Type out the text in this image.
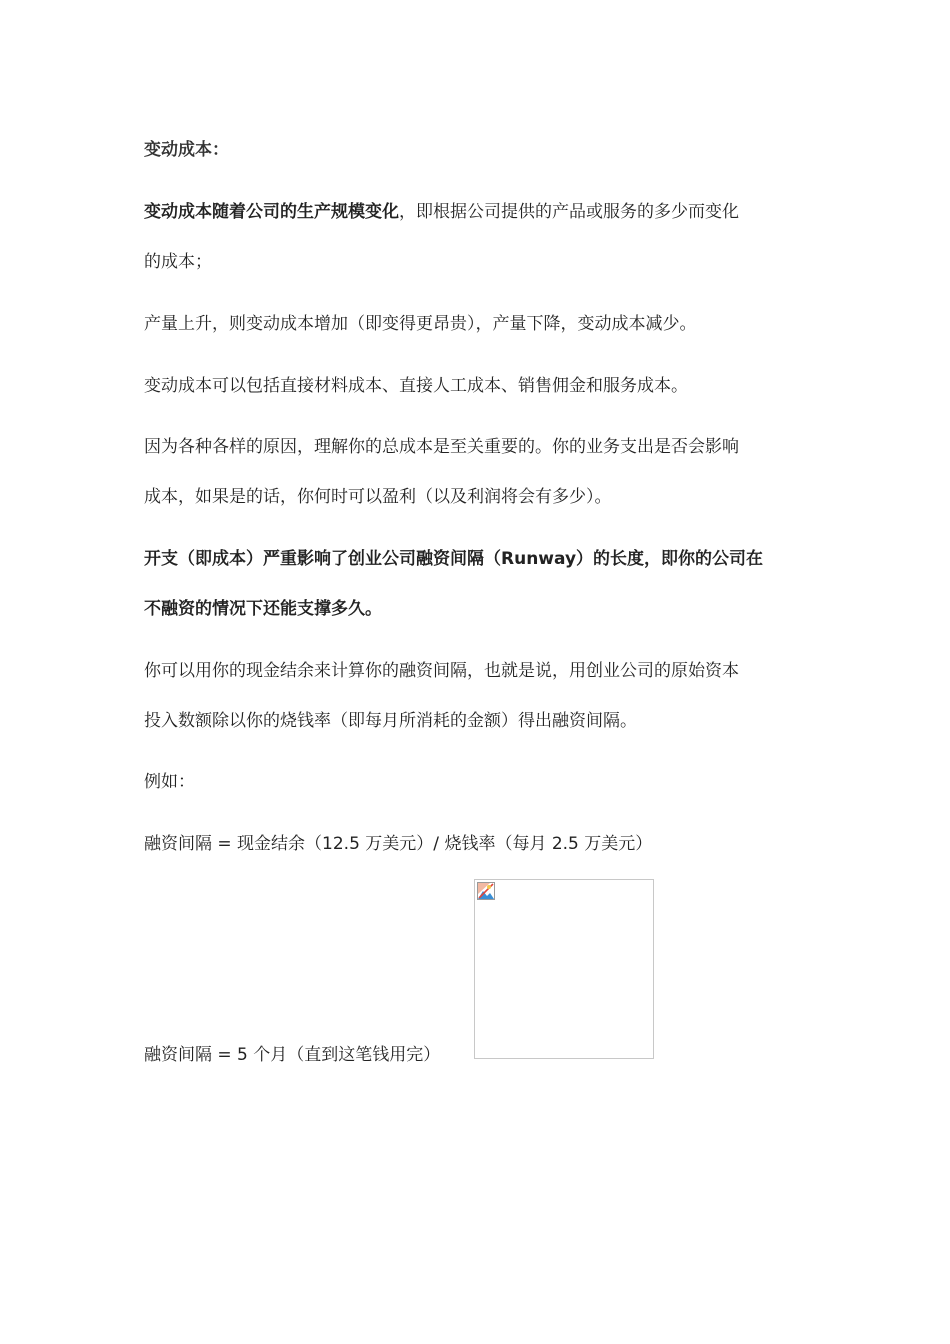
变动成本：
变动成本随着公司的生产规模变化，即根据公司提供的产品或服务的多少而变化
的成本；
产量上升，则变动成本增加（即变得更昂贵），产量下降，变动成本减少。
变动成本可以包括直接材料成本、直接人工成本、销售佣金和服务成本。
因为各种各样的原因，理解你的总成本是至关重要的。你的业务支出是否会影响
成本，如果是的话，你何时可以盈利（以及利润将会有多少）。
开支（即成本）严重影响了创业公司融资间隔（Runway）的长度，即你的公司在
不融资的情况下还能支撑多久。
你可以用你的现金结余来计算你的融资间隔，也就是说，用创业公司的原始资本
投入数额除以你的烧钱率（即每月所消耗的金额）得出融资间隔。
例如：
融资间隔 = 现金结余（12.5 万美元）/ 烧钱率（每月 2.5 万美元）
融资间隔 = 5 个月（直到这笔钱用完）
